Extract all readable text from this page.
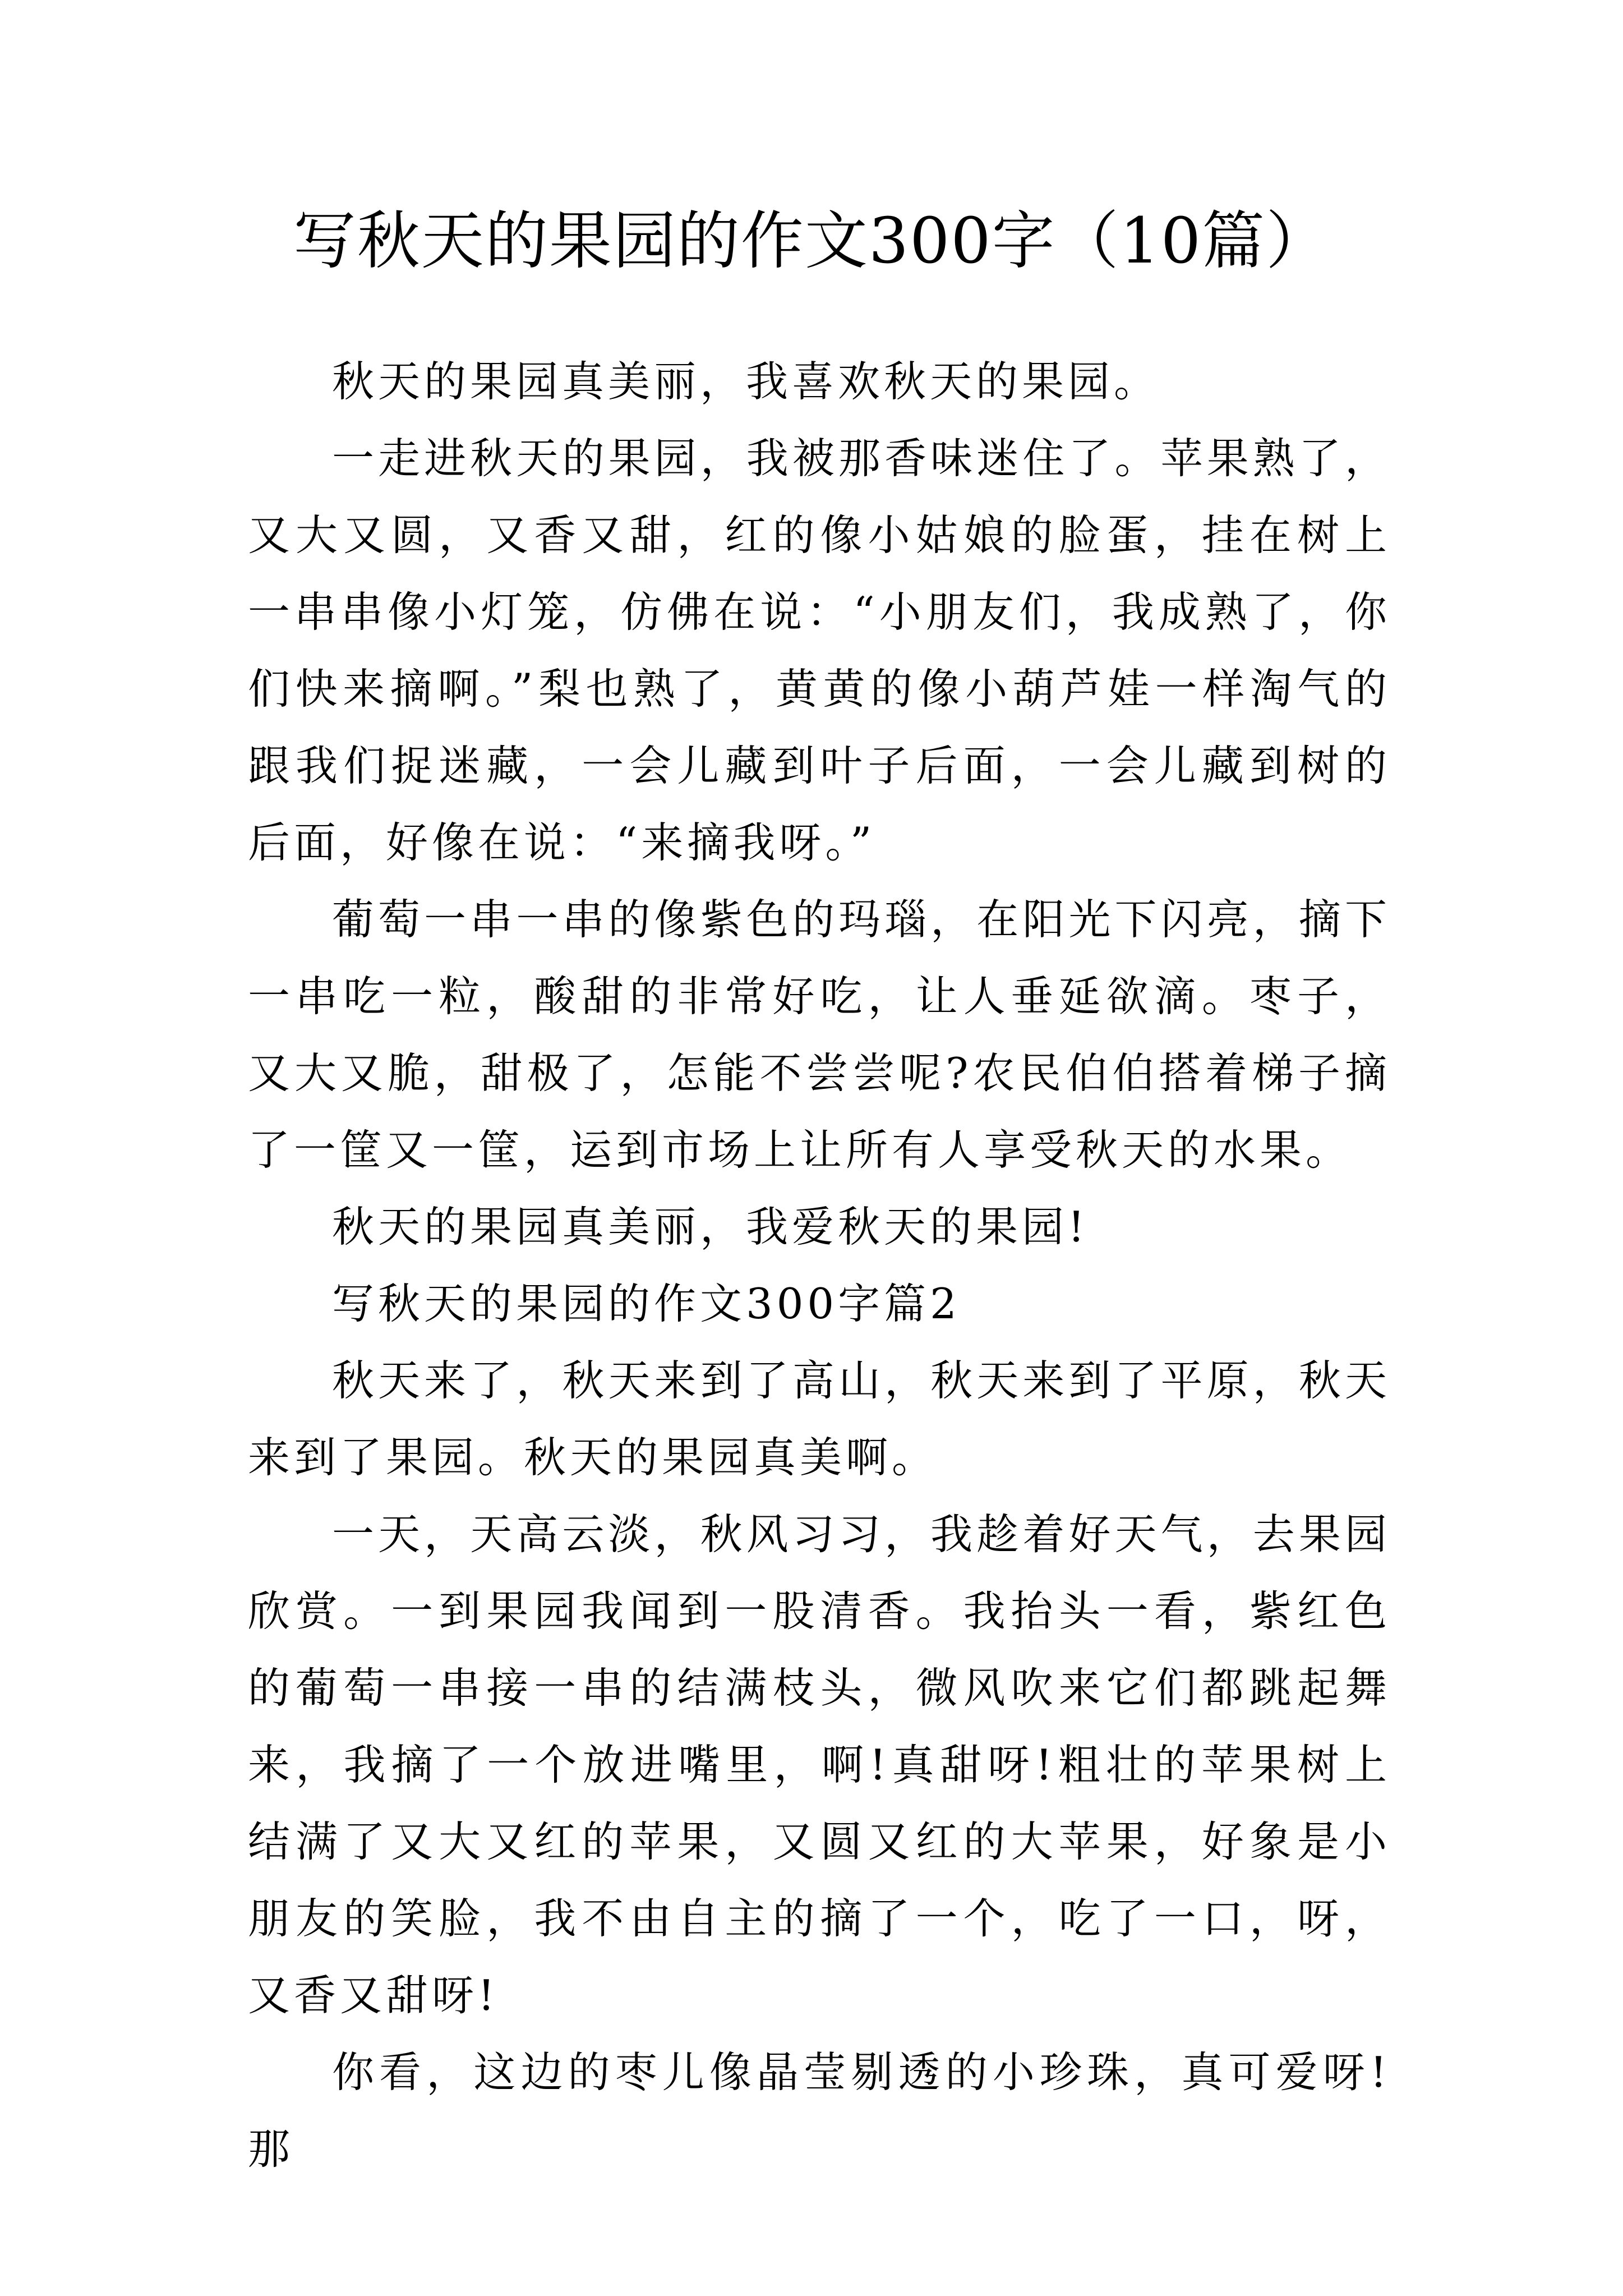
写秋天的果园的作文300字（10篇）

秋天的果园真美丽，我喜欢秋天的果园。

一走进秋天的果园，我被那香味迷住了。苹果熟了，又大又圆，又香又甜，红的像小姑娘的脸蛋，挂在树上一串串像小灯笼，仿佛在说：“小朋友们，我成熟了，你们快来摘啊。”梨也熟了，黄黄的像小葫芦娃一样淘气的跟我们捉迷藏，一会儿藏到叶子后面，一会儿藏到树的后面，好像在说：“来摘我呀。”

葡萄一串一串的像紫色的玛瑙，在阳光下闪亮，摘下一串吃一粒，酸甜的非常好吃，让人垂延欲滴。枣子，又大又脆，甜极了，怎能不尝尝呢?农民伯伯搭着梯子摘了一筐又一筐，运到市场上让所有人享受秋天的水果。

秋天的果园真美丽，我爱秋天的果园!

写秋天的果园的作文300字篇2

秋天来了，秋天来到了高山，秋天来到了平原，秋天来到了果园。秋天的果园真美啊。

一天，天高云淡，秋风习习，我趁着好天气，去果园欣赏。一到果园我闻到一股清香。我抬头一看，紫红色的葡萄一串接一串的结满枝头，微风吹来它们都跳起舞来，我摘了一个放进嘴里，啊!真甜呀!粗壮的苹果树上结满了又大又红的苹果，又圆又红的大苹果，好象是小朋友的笑脸，我不由自主的摘了一个，吃了一口，呀，又香又甜呀!

你看，这边的枣儿像晶莹剔透的小珍珠，真可爱呀!那
